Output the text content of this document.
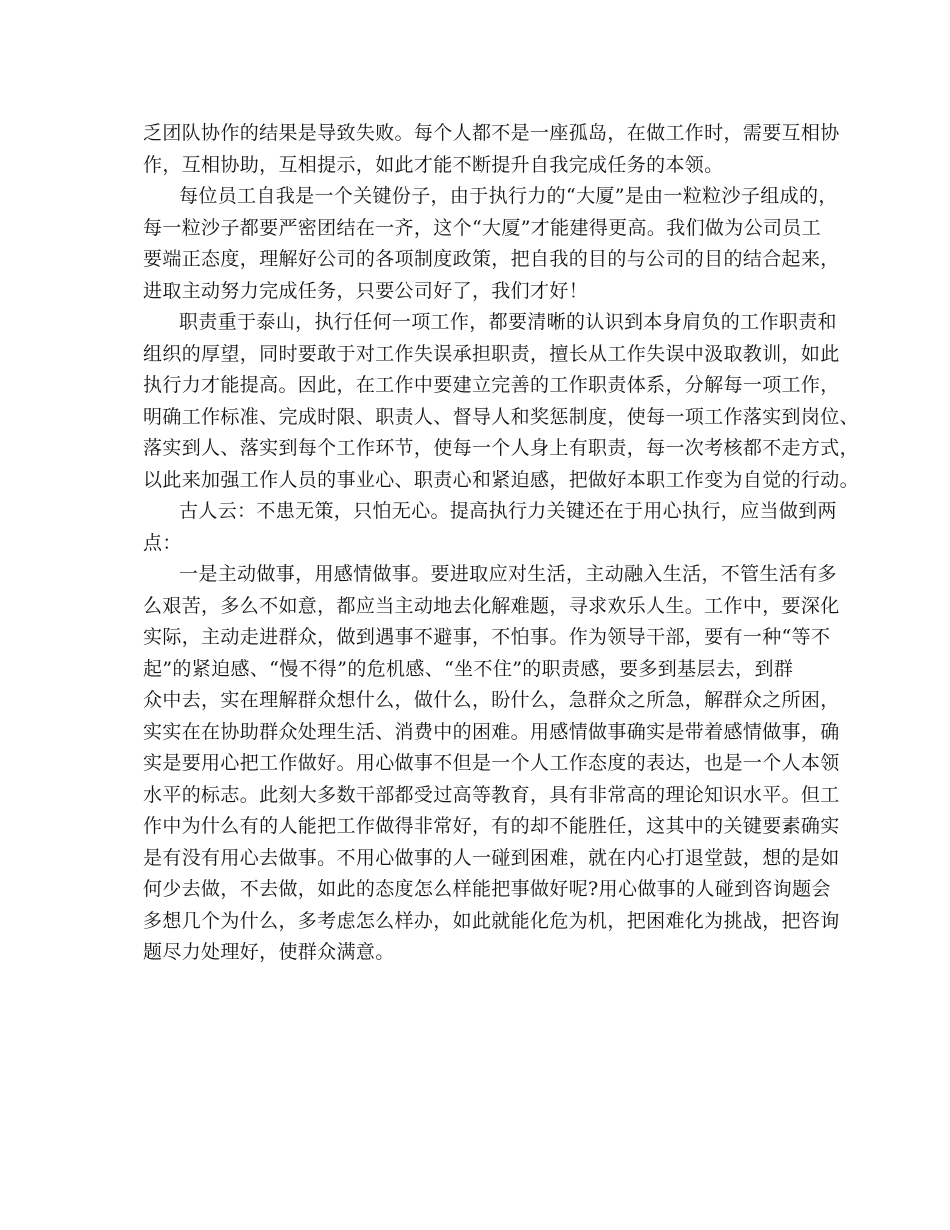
乏团队协作的结果是导致失败。每个人都不是一座孤岛，在做工作时，需要互相协
作，互相协助，互相提示，如此才能不断提升自我完成任务的本领。
每位员工自我是一个关键份子，由于执行力的“大厦”是由一粒粒沙子组成的，
每一粒沙子都要严密团结在一齐，这个“大厦”才能建得更高。我们做为公司员工
要端正态度，理解好公司的各项制度政策，把自我的目的与公司的目的结合起来，
进取主动努力完成任务，只要公司好了，我们才好！
职责重于泰山，执行任何一项工作，都要清晰的认识到本身肩负的工作职责和
组织的厚望，同时要敢于对工作失误承担职责，擅长从工作失误中汲取教训，如此
执行力才能提高。因此，在工作中要建立完善的工作职责体系，分解每一项工作，
明确工作标准、完成时限、职责人、督导人和奖惩制度，使每一项工作落实到岗位、
落实到人、落实到每个工作环节，使每一个人身上有职责，每一次考核都不走方式，
以此来加强工作人员的事业心、职责心和紧迫感，把做好本职工作变为自觉的行动。
古人云：不患无策，只怕无心。提高执行力关键还在于用心执行，应当做到两
点：
一是主动做事，用感情做事。要进取应对生活，主动融入生活，不管生活有多
么艰苦，多么不如意，都应当主动地去化解难题，寻求欢乐人生。工作中，要深化
实际，主动走进群众，做到遇事不避事，不怕事。作为领导干部，要有一种“等不
起”的紧迫感、“慢不得”的危机感、“坐不住”的职责感，要多到基层去，到群
众中去，实在理解群众想什么，做什么，盼什么，急群众之所急，解群众之所困，
实实在在协助群众处理生活、消费中的困难。用感情做事确实是带着感情做事，确
实是要用心把工作做好。用心做事不但是一个人工作态度的表达，也是一个人本领
水平的标志。此刻大多数干部都受过高等教育，具有非常高的理论知识水平。但工
作中为什么有的人能把工作做得非常好，有的却不能胜任，这其中的关键要素确实
是有没有用心去做事。不用心做事的人一碰到困难，就在内心打退堂鼓，想的是如
何少去做，不去做，如此的态度怎么样能把事做好呢?用心做事的人碰到咨询题会
多想几个为什么，多考虑怎么样办，如此就能化危为机，把困难化为挑战，把咨询
题尽力处理好，使群众满意。
